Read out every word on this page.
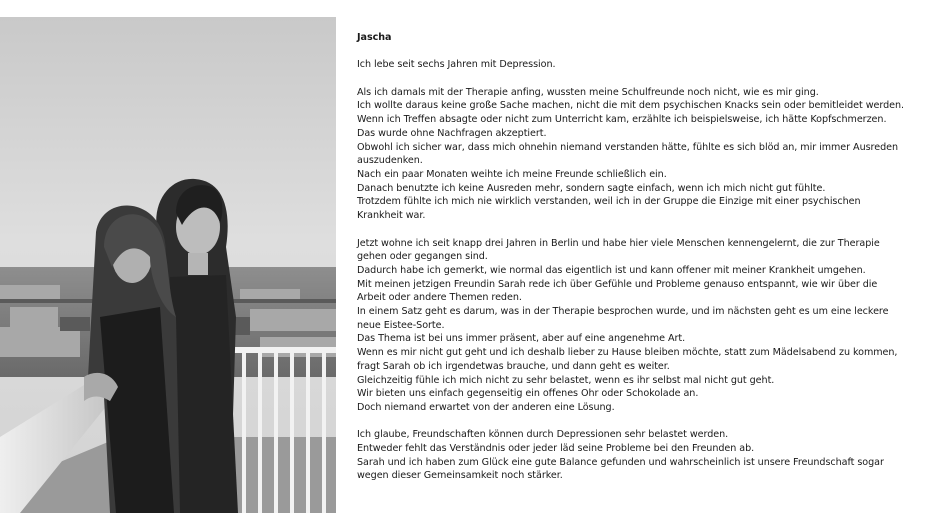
Jascha

Ich lebe seit sechs Jahren mit Depression.

Als ich damals mit der Therapie anfing, wussten meine Schulfreunde noch nicht, wie es mir ging.
Ich wollte daraus keine große Sache machen, nicht die mit dem psychischen Knacks sein oder bemitleidet werden.
Wenn ich Treffen absagte oder nicht zum Unterricht kam, erzählte ich beispielsweise, ich hätte Kopfschmerzen.
Das wurde ohne Nachfragen akzeptiert.
Obwohl ich sicher war, dass mich ohnehin niemand verstanden hätte, fühlte es sich blöd an, mir immer Ausreden
auszudenken.
Nach ein paar Monaten weihte ich meine Freunde schließlich ein.
Danach benutzte ich keine Ausreden mehr, sondern sagte einfach, wenn ich mich nicht gut fühlte.
Trotzdem fühlte ich mich nie wirklich verstanden, weil ich in der Gruppe die Einzige mit einer psychischen
Krankheit war.

Jetzt wohne ich seit knapp drei Jahren in Berlin und habe hier viele Menschen kennengelernt, die zur Therapie
gehen oder gegangen sind.
Dadurch habe ich gemerkt, wie normal das eigentlich ist und kann offener mit meiner Krankheit umgehen.
Mit meinen jetzigen Freundin Sarah rede ich über Gefühle und Probleme genauso entspannt, wie wir über die
Arbeit oder andere Themen reden.
In einem Satz geht es darum, was in der Therapie besprochen wurde, und im nächsten geht es um eine leckere
neue Eistee-Sorte.
Das Thema ist bei uns immer präsent, aber auf eine angenehme Art.
Wenn es mir nicht gut geht und ich deshalb lieber zu Hause bleiben möchte, statt zum Mädelsabend zu kommen,
fragt Sarah ob ich irgendetwas brauche, und dann geht es weiter.
Gleichzeitig fühle ich mich nicht zu sehr belastet, wenn es ihr selbst mal nicht gut geht.
Wir bieten uns einfach gegenseitig ein offenes Ohr oder Schokolade an.
Doch niemand erwartet von der anderen eine Lösung.

Ich glaube, Freundschaften können durch Depressionen sehr belastet werden.
Entweder fehlt das Verständnis oder jeder läd seine Probleme bei den Freunden ab.
Sarah und ich haben zum Glück eine gute Balance gefunden und wahrscheinlich ist unsere Freundschaft sogar
wegen dieser Gemeinsamkeit noch stärker.
